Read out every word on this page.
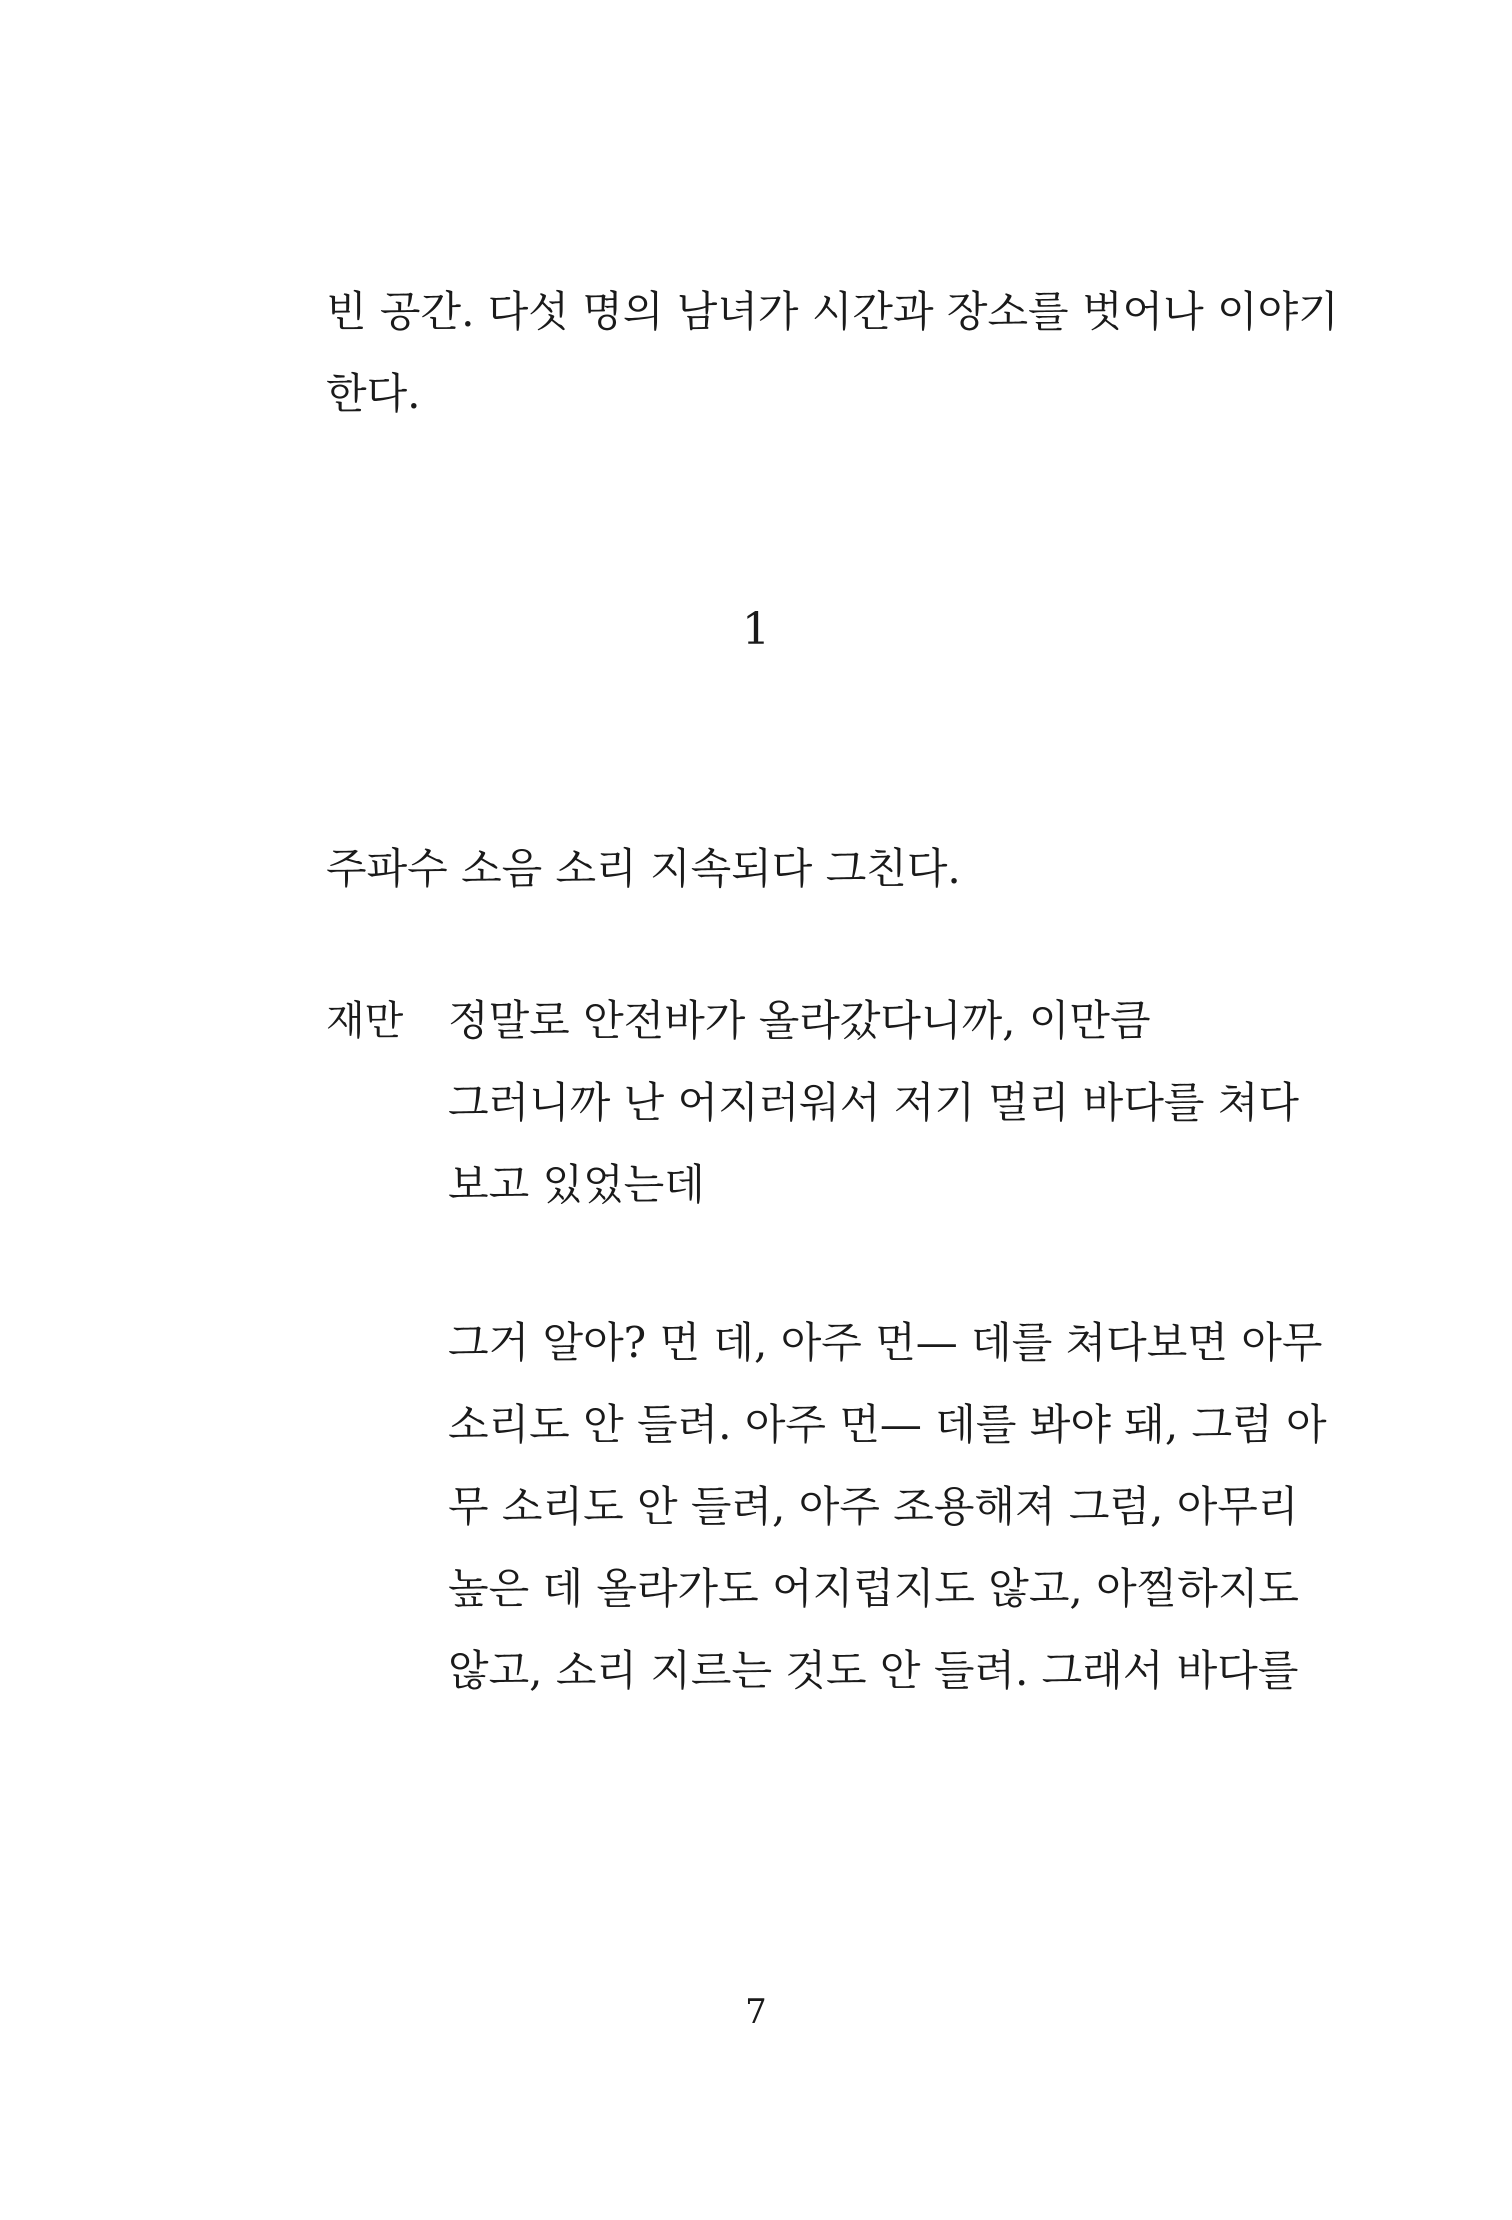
빈 공간. 다섯 명의 남녀가 시간과 장소를 벗어나 이야기
한다.

1

주파수 소음 소리 지속되다 그친다.

재만 정말로 안전바가 올라갔다니까, 이만큼
그러니까 난 어지러워서 저기 멀리 바다를 쳐다
보고 있었는데

그거 알아? 먼 데, 아주 먼— 데를 쳐다보면 아무
소리도 안 들려. 아주 먼— 데를 봐야 돼, 그럼 아
무 소리도 안 들려, 아주 조용해져 그럼, 아무리
높은 데 올라가도 어지럽지도 않고, 아찔하지도
않고, 소리 지르는 것도 안 들려. 그래서 바다를

7
